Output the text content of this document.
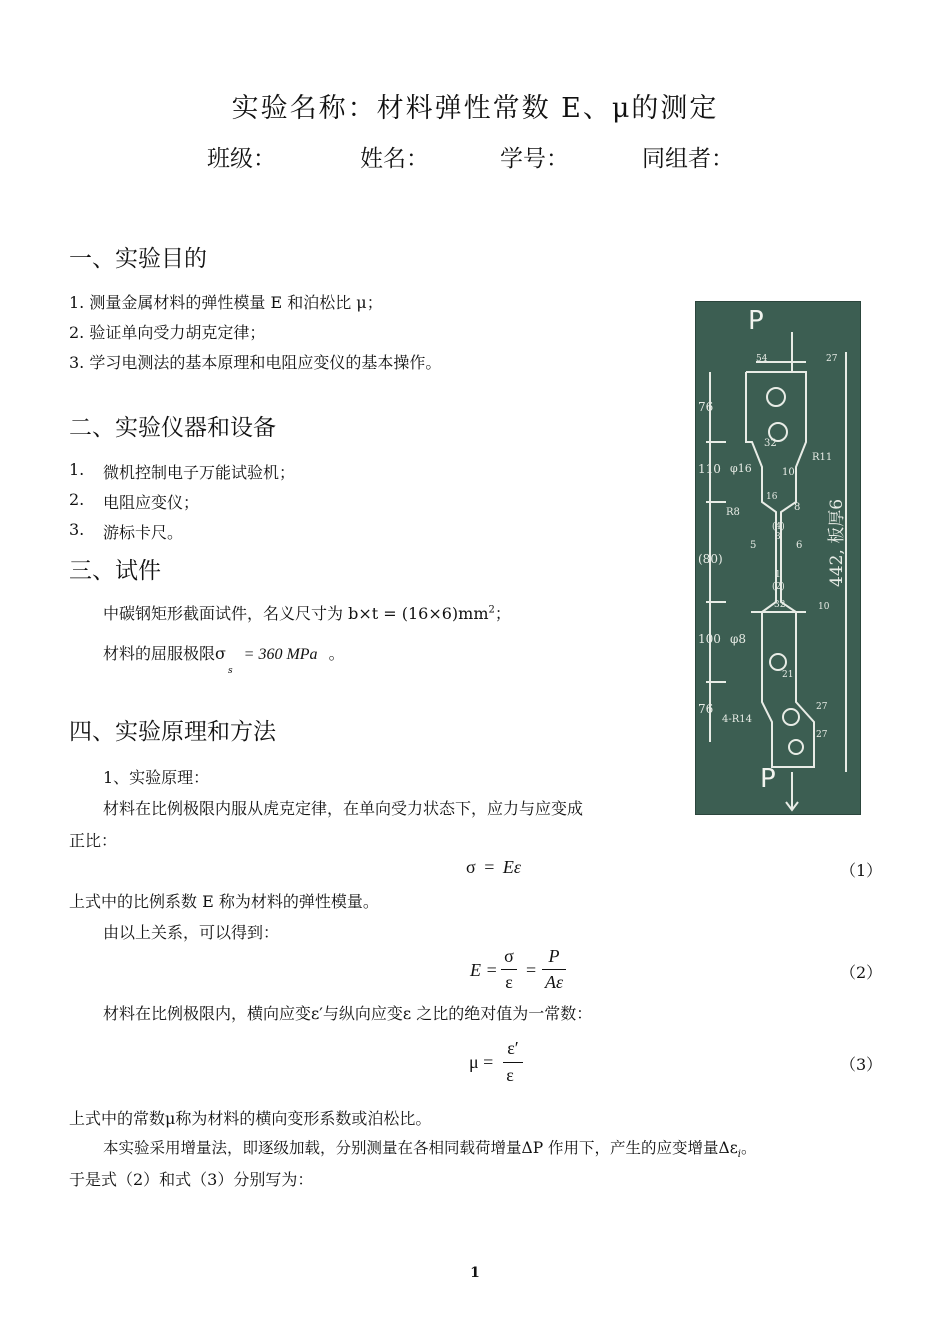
实验名称：材料弹性常数 E、μ的测定
班级：	姓名：	学号：	同组者：
一、实验目的
1. 测量金属材料的弹性模量 E 和泊松比 μ；
2. 验证单向受力胡克定律；
3. 学习电测法的基本原理和电阻应变仪的基本操作。
二、实验仪器和设备
1. 微机控制电子万能试验机；
2. 电阻应变仪；
3. 游标卡尺。
三、试件
中碳钢矩形截面试件，名义尺寸为 $b\times t = (16\times 6)mm^2$；
材料的屈服极限$\sigma_s = 360$ MPa 。
四、实验原理和方法
1、实验原理：
材料在比例极限内服从虎克定律，在单向受力状态下，应力与应变成
正比：
σ = Eε	（1）
上式中的比例系数 E 称为材料的弹性模量。
由以上关系，可以得到：
E =
σ
ε
=
P
Aε	（2）
材料在比例极限内，横向应变ε′与纵向应变ε 之比的绝对值为一常数：
μ =
ε′
ε
（3）
上式中的常数μ称为材料的横向变形系数或泊松比。
本实验采用增量法，即逐级加载，分别测量在各相同载荷增量ΔP 作用下，产生的应变增量$\Delta\varepsilon_i$。
于是式（2）和式（3）分别写为：
P
P
54	27
76
32
R11
110 φ16	10
16
8
R8
5	6
(80)
32	10
φ8
100
76
21
4-R14
27
27
442, 板厚6
(4)
3
1
(2)
1
